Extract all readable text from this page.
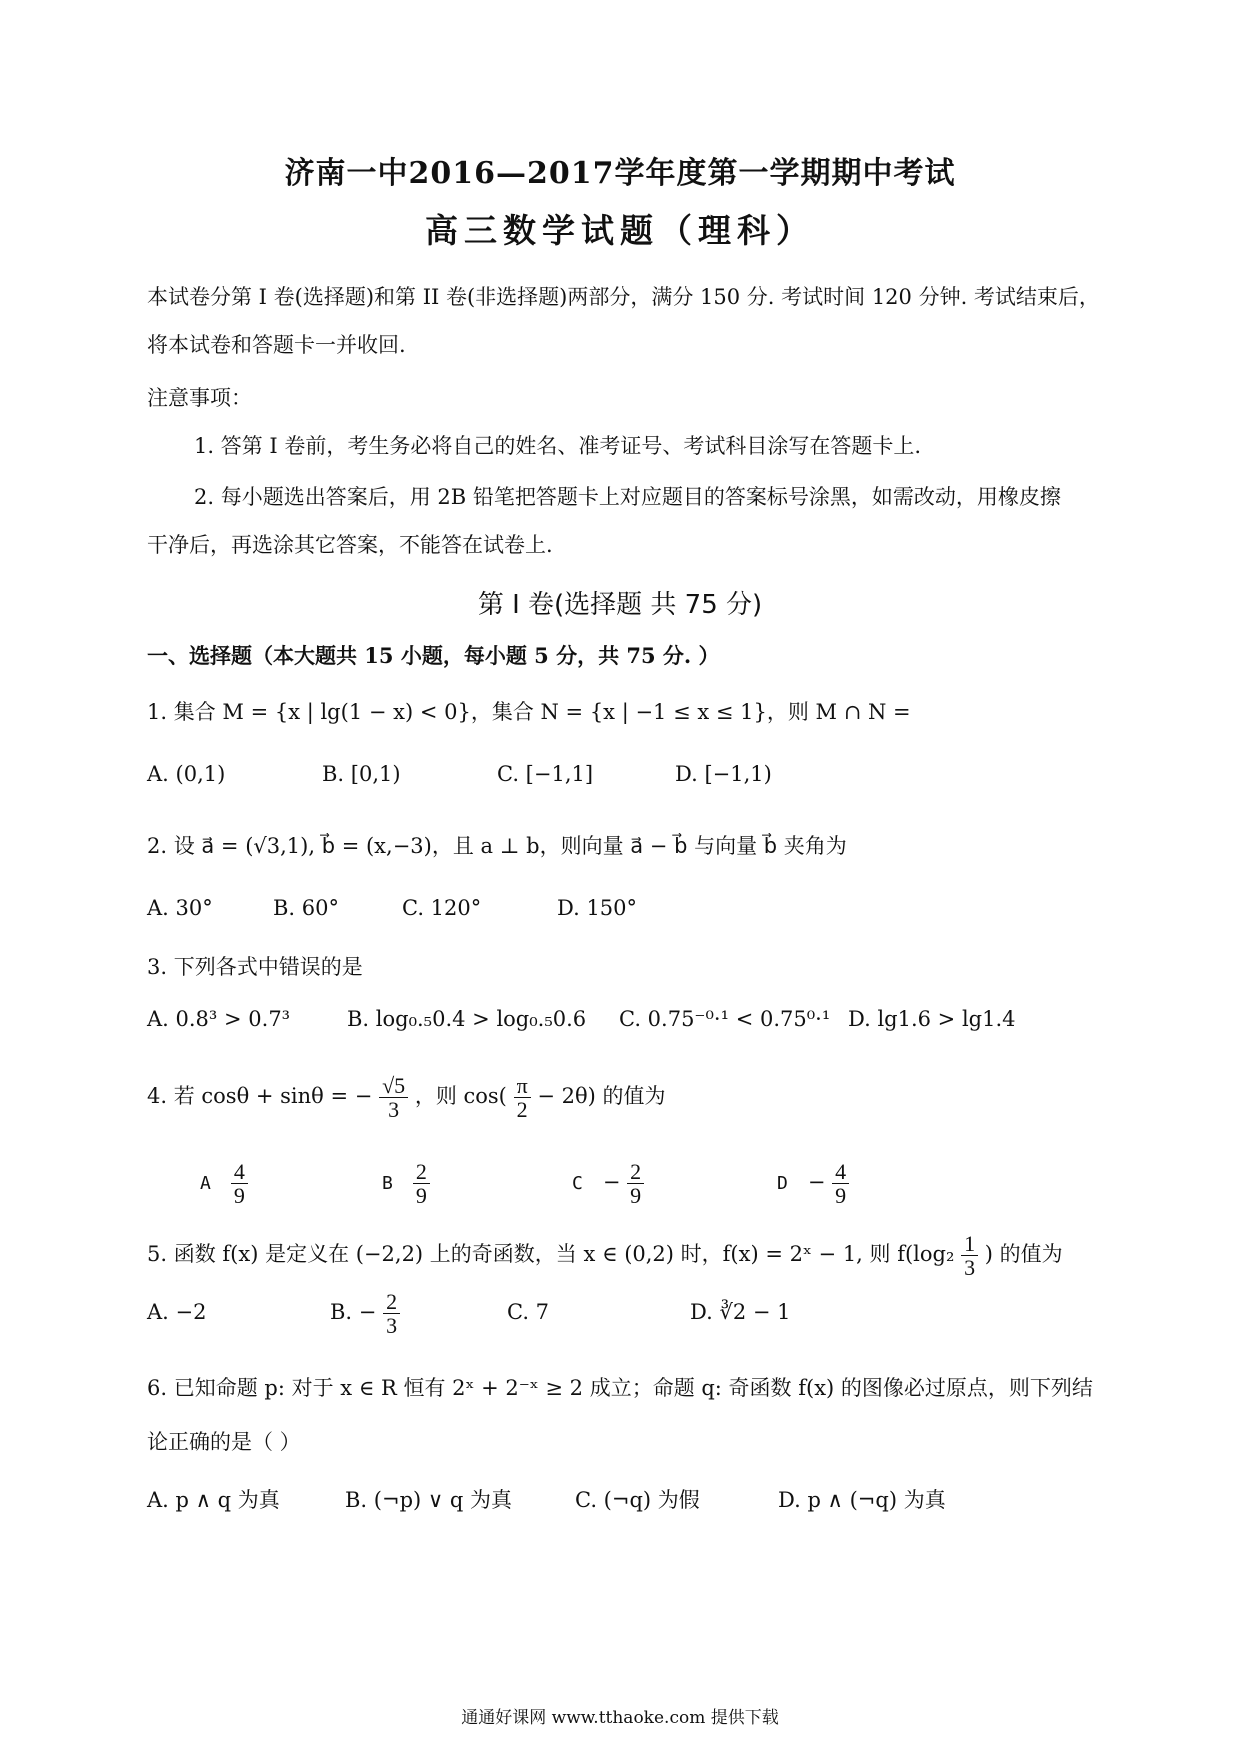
济南一中2016—2017学年度第一学期期中考试
高三数学试题（理科）
本试卷分第 I 卷(选择题)和第 II 卷(非选择题)两部分，满分 150 分. 考试时间 120 分钟. 考试结束后，
将本试卷和答题卡一并收回.
注意事项：
1. 答第 I 卷前，考生务必将自己的姓名、准考证号、考试科目涂写在答题卡上.
2. 每小题选出答案后，用 2B 铅笔把答题卡上对应题目的答案标号涂黑，如需改动，用橡皮擦
干净后，再选涂其它答案，不能答在试卷上.
第 I 卷(选择题 共 75 分)
一、选择题（本大题共 15 小题，每小题 5 分，共 75 分. ）
1. 集合 M = {x | lg(1 − x) < 0}，集合 N = {x | −1 ≤ x ≤ 1}，则 M ∩ N =
A. (0,1)	B. [0,1)	C. [−1,1]	D. [−1,1)
2. 设 a⃗ = (√3,1), b⃗ = (x,−3)，且 a ⊥ b，则向量 a⃗ − b⃗ 与向量 b⃗ 夹角为
A. 30°	B. 60°	C. 120°	D. 150°
3. 下列各式中错误的是
A. 0.8³ > 0.7³	B. log₀.₅0.4 > log₀.₅0.6 C. 0.75⁻⁰·¹ < 0.75⁰·¹ D. lg1.6 > lg1.4
4. 若 cosθ + sinθ = − $\frac{√5}{3}$ ，则 $\cos( \frac{\pi}{2} - 2\theta)$ 的值为
A $\frac{4}{9}$	B $\frac{2}{9}$	$C - \frac{2}{9}$	$D - \frac{4}{9}$
5. 函数 f(x) 是定义在 (−2,2) 上的奇函数，当 x ∈ (0,2) 时，f(x) = 2ˣ − 1, 则 $f(\log_2 \frac{1}{3}$ ) 的值为
A. −2	B. − $\frac{2}{3}$	C. 7	D. ∛2 − 1
6. 已知命题 p: 对于 x ∈ R 恒有 2ˣ + 2⁻ˣ ≥ 2 成立；命题 q: 奇函数 f(x) 的图像必过原点，则下列结
论正确的是（ ）
A. p ∧ q 为真	B. (¬p) ∨ q 为真	C. (¬q) 为假	D. p ∧ (¬q) 为真
通通好课网 www.tthaoke.com 提供下载
